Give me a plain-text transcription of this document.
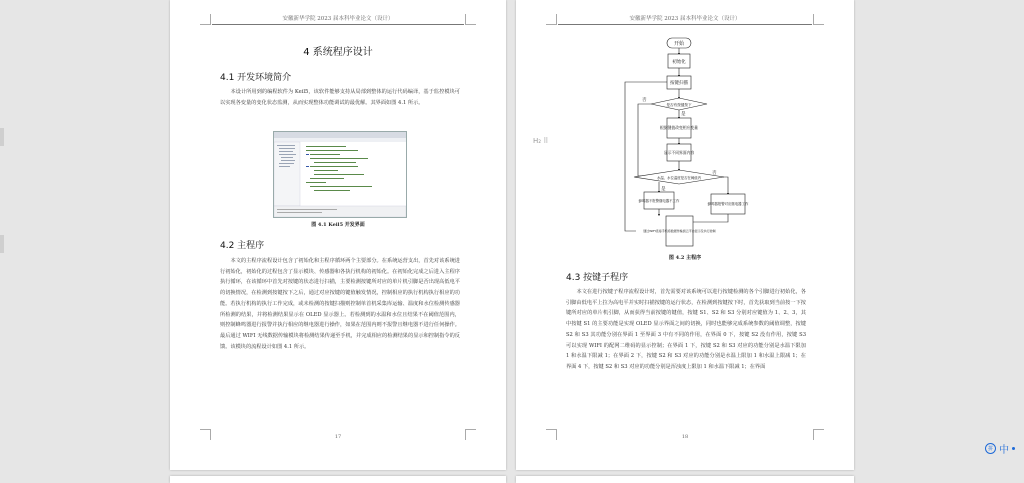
安徽新华学院 2023 届本科毕业论文（设计）
4 系统程序设计
4.1 开发环境简介

本设计所用到的编程软件为 Keil5，该软件能够支持从局部到整体的运行代码编译，基于监控模块可以实现各变量的变化状态监测，从而实现整体功能调试的最优解。其界面如图 4.1 所示。

图 4.1 Keil5 开发界面
4.2 主程序

本文的主程序流程设计包含了初始化和主程序循环两个主要部分。在系统运营支出，首先对该系统进行初始化，初始化的过程包含了显示模块、传感器和各执行机构的初始化。在初始化完成之后进入主程序执行循环，在该循环中首先对按键的状态进行扫描，主要检测按键所对应的单片机引脚是否出现高低电平的切换情况，在检测到按键按下之后，通过对应按键的键值触发情况，控制相应的执行机构执行相应的功能。若执行机构的执行工作完成，或未检测的按键扫描则控制单首机采集库运输、温度和水位检测传感器所检测的结果，并将检测结果显示在 OLED 显示器上。若检测到的水温和水位且结果不在阈值范围内，则控制蜂鸣器进行报警并执行相应的继电器进行操作，如果在范围内则不报警且继电器不进行任何操作。最后通过 WIFI 无线数据传输模块将检测结果传递至手机，并完成相应的检测结果的显示和控制指令的反馈。该模块的流程设计如图 4.1 所示。

17
安徽新华学院 2023 届本科毕业论文（设计）
图 4.2 主程序
4.3 按键子程序

本文在进行按键子程序流程设计时，首先需要对该系统可以进行按键检测的各个引脚进行初始化，各引脚由低电平上拉为高电平并实时扫描按键的运行状态，在检测到按键按下时，首先获取到当前按一下按键所对应的单片机引脚，从而获得当前按键的键值，按键 S1、S2 和 S3 分别对应键值为 1、2、3，其中按键 S1 的主要功能是实现 OLED 显示界面之间的切换，同时也能够完成系统参数的阈值调整，按键 S2 和 S3 其功能分别在界面 1 至界面 3 中有不同的作用，在界面 0 下，按键 S2 没有作用，按键 S3 可以实现 WIFI 的配网二维码的显示控制；在界面 1 下，按键 S2 和 S3 对应的功能分别是水温下限加 1 和水温下限减 1；在界面 2 下，按键 S2 和 S3 对应的功能分别是水温上限加 1 和水温上限减 1；在界面 4 下，按键 S2 和 S3 对应的功能分别是浑浊度上限加 1 和水温下限减 1；在界面

18
开始
初始化
按键扫描
是否有按键按下
否
是
根据键值改变相应变量
显示不同界面内容
水温、水位温度是否在阈值内
否
是
蜂鸣器不报警继电器不工作
蜂鸣器报警对应继电器工作
通过WIFI连接手机将数据传输到云平台显示及执行控制
H₂ ⠿
拼 中
